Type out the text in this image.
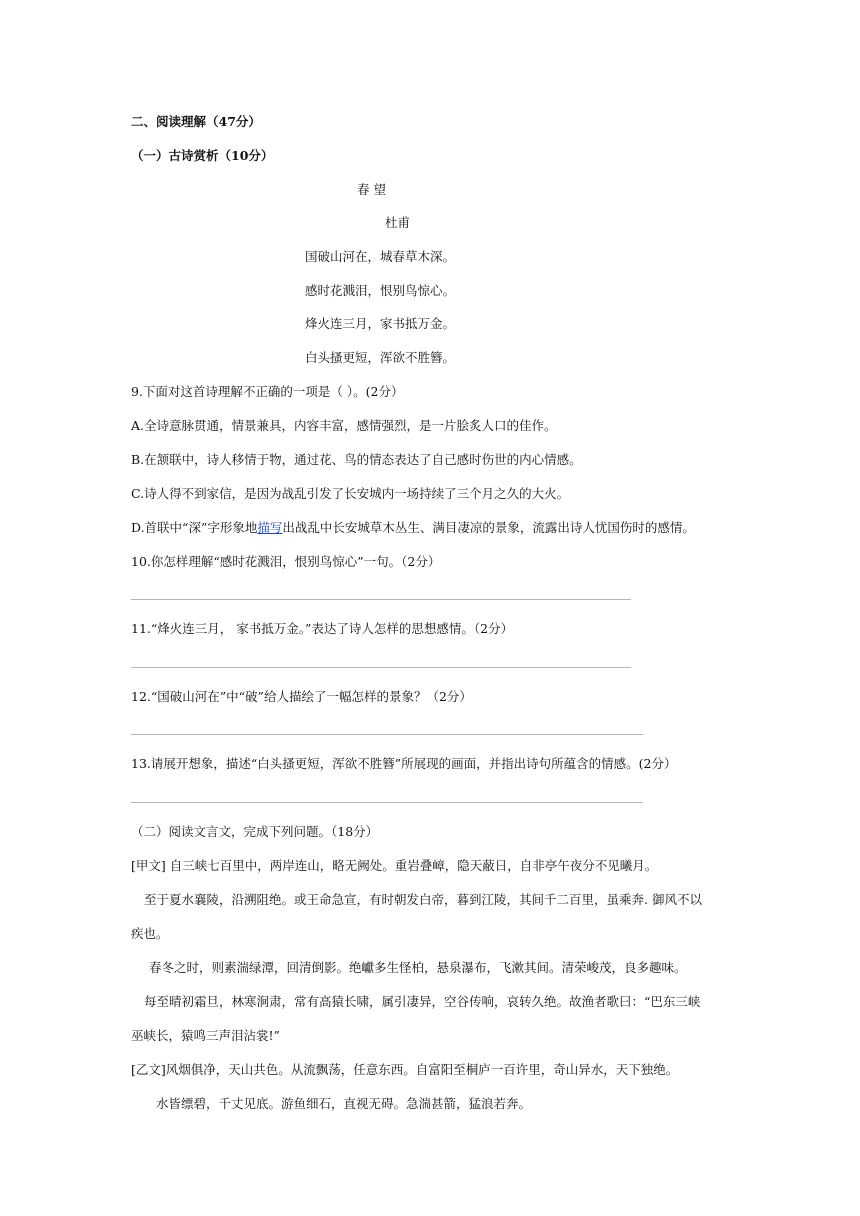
二、阅读理解（47分）

（一）古诗赏析（10分）

春 望

杜甫

国破山河在，城春草木深。

感时花溅泪，恨别鸟惊心。

烽火连三月，家书抵万金。

白头搔更短，浑欲不胜簪。

9.下面对这首诗理解不正确的一项是（ ）。(2分）

A.全诗意脉贯通，情景兼具，内容丰富，感情强烈，是一片脍炙人口的佳作。

B.在颔联中，诗人移情于物，通过花、鸟的情态表达了自己感时伤世的内心情感。

C.诗人得不到家信，是因为战乱引发了长安城内一场持续了三个月之久的大火。

D.首联中“深”字形象地描写出战乱中长安城草木丛生、满目凄凉的景象，流露出诗人忧国伤时的感情。

10.你怎样理解“感时花溅泪，恨别鸟惊心”一句。（2分）

11.“烽火连三月， 家书抵万金。”表达了诗人怎样的思想感情。（2分）

12.“国破山河在”中“破”给人描绘了一幅怎样的景象？（2分）

13.请展开想象，描述“白头搔更短，浑欲不胜簪”所展现的画面，并指出诗句所蕴含的情感。(2分）

（二）阅读文言文，完成下列问题。（18分）

[甲文] 自三峡七百里中，两岸连山，略无阙处。重岩叠嶂，隐天蔽日，自非亭午夜分不见曦月。

至于夏水襄陵，沿溯阻绝。或王命急宣，有时朝发白帝，暮到江陵，其间千二百里，虽乘奔. 御风不以

疾也。

春冬之时，则素湍绿潭，回清倒影。绝巘多生怪柏，悬泉瀑布，飞漱其间。清荣峻茂，良多趣味。

每至晴初霜旦，林寒涧肃，常有高猿长啸，属引凄异，空谷传响，哀转久绝。故渔者歌曰：“巴东三峡

巫峡长，猿鸣三声泪沾裳!”

[乙文]风烟俱净，天山共色。从流飘荡，任意东西。自富阳至桐庐一百许里，奇山异水，天下独绝。

水皆缥碧，千丈见底。游鱼细石，直视无碍。急湍甚箭，猛浪若奔。
